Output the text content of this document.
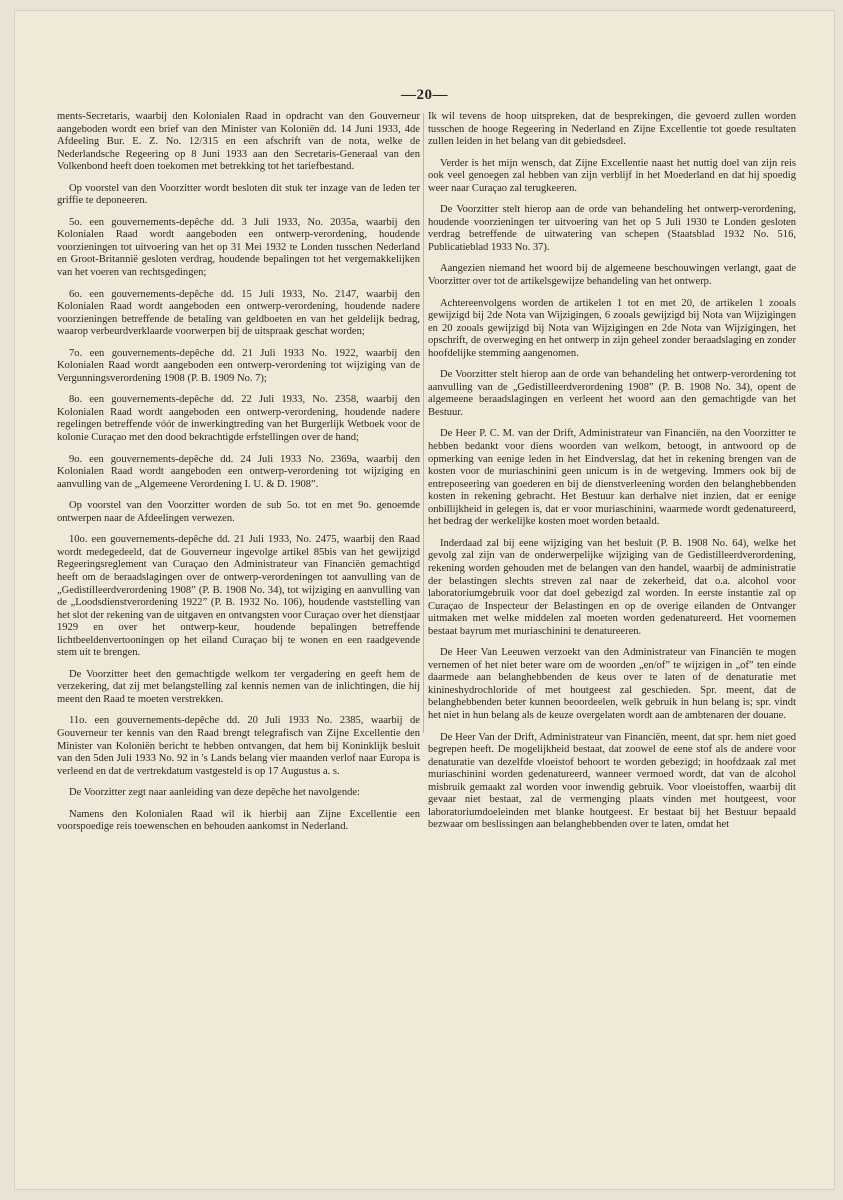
—20—

ments-Secretaris, waarbij den Kolonialen Raad in opdracht van den Gouverneur aangeboden wordt een brief van den Minister van Koloniën dd. 14 Juni 1933, 4de Afdeeling Bur. E. Z. No. 12/315 en een afschrift van de nota, welke de Nederlandsche Regeering op 8 Juni 1933 aan den Secretaris-Generaal van den Volkenbond heeft doen toekomen met betrekking tot het tariefbestand.

Op voorstel van den Voorzitter wordt besloten dit stuk ter inzage van de leden ter griffie te deponeeren.

5o. een gouvernements-depêche dd. 3 Juli 1933, No. 2035a, waarbij den Kolonialen Raad wordt aangeboden een ontwerp-verordening, houdende voorzieningen tot uitvoering van het op 31 Mei 1932 te Londen tusschen Nederland en Groot-Britannië gesloten verdrag, houdende bepalingen tot het vergemakkelijken van het voeren van rechtsgedingen;

6o. een gouvernements-depêche dd. 15 Juli 1933, No. 2147, waarbij den Kolonialen Raad wordt aangeboden een ontwerp-verordening, houdende nadere voorzieningen betreffende de betaling van geldboeten en van het geldelijk bedrag, waarop verbeurdverklaarde voorwerpen bij de uitspraak geschat worden;

7o. een gouvernements-depêche dd. 21 Juli 1933 No. 1922, waarbij den Kolonialen Raad wordt aangeboden een ontwerp-verordening tot wijziging van de Vergunningsverordening 1908 (P. B. 1909 No. 7);

8o. een gouvernements-depêche dd. 22 Juli 1933, No. 2358, waarbij den Kolonialen Raad wordt aangeboden een ontwerp-verordening, houdende nadere regelingen betreffende vóór de inwerkingtreding van het Burgerlijk Wetboek voor de kolonie Curaçao met den dood bekrachtigde erfstellingen over de hand;

9o. een gouvernements-depêche dd. 24 Juli 1933 No. 2369a, waarbij den Kolonialen Raad wordt aangeboden een ontwerp-verordening tot wijziging en aanvulling van de „Algemeene Verordening I. U. & D. 1908”.

Op voorstel van den Voorzitter worden de sub 5o. tot en met 9o. genoemde ontwerpen naar de Afdeelingen verwezen.

10o. een gouvernements-depêche dd. 21 Juli 1933, No. 2475, waarbij den Raad wordt medegedeeld, dat de Gouverneur ingevolge artikel 85bis van het gewijzigd Regeeringsreglement van Curaçao den Administrateur van Financiën gemachtigd heeft om de beraadslagingen over de ontwerp-verordeningen tot aanvulling van de „Gedistilleerdverordening 1908” (P. B. 1908 No. 34), tot wijziging en aanvulling van de „Loodsdienstverordening 1922” (P. B. 1932 No. 106), houdende vaststelling van het slot der rekening van de uitgaven en ontvangsten voor Curaçao over het dienstjaar 1929 en over het ontwerp-keur, houdende bepalingen betreffende lichtbeeldenvertooningen op het eiland Curaçao bij te wonen en een raadgevende stem uit te brengen.

De Voorzitter heet den gemachtigde welkom ter vergadering en geeft hem de verzekering, dat zij met belangstelling zal kennis nemen van de inlichtingen, die hij meent den Raad te moeten verstrekken.

11o. een gouvernements-depêche dd. 20 Juli 1933 No. 2385, waarbij de Gouverneur ter kennis van den Raad brengt telegrafisch van Zijne Excellentie den Minister van Koloniën bericht te hebben ontvangen, dat hem bij Koninklijk besluit van den 5den Juli 1933 No. 92 in 's Lands belang vier maanden verlof naar Europa is verleend en dat de vertrekdatum vastgesteld is op 17 Augustus a. s.

De Voorzitter zegt naar aanleiding van deze depêche het navolgende:

Namens den Kolonialen Raad wil ik hierbij aan Zijne Excellentie een voorspoedige reis toewenschen en behouden aankomst in Nederland.

Ik wil tevens de hoop uitspreken, dat de besprekingen, die gevoerd zullen worden tusschen de hooge Regeering in Nederland en Zijne Excellentie tot goede resultaten zullen leiden in het belang van dit gebiedsdeel.

Verder is het mijn wensch, dat Zijne Excellentie naast het nuttig doel van zijn reis ook veel genoegen zal hebben van zijn verblijf in het Moederland en dat hij spoedig weer naar Curaçao zal terugkeeren.

De Voorzitter stelt hierop aan de orde van behandeling het ontwerp-verordening, houdende voorzieningen ter uitvoering van het op 5 Juli 1930 te Londen gesloten verdrag betreffende de uitwatering van schepen (Staatsblad 1932 No. 516, Publicatieblad 1933 No. 37).

Aangezien niemand het woord bij de algemeene beschouwingen verlangt, gaat de Voorzitter over tot de artikelsgewijze behandeling van het ontwerp.

Achtereenvolgens worden de artikelen 1 tot en met 20, de artikelen 1 zooals gewijzigd bij 2de Nota van Wijzigingen, 6 zooals gewijzigd bij Nota van Wijzigingen en 20 zooals gewijzigd bij Nota van Wijzigingen en 2de Nota van Wijzigingen, het opschrift, de overweging en het ontwerp in zijn geheel zonder beraadslaging en zonder hoofdelijke stemming aangenomen.

De Voorzitter stelt hierop aan de orde van behandeling het ontwerp-verordening tot aanvulling van de „Gedistilleerdverordening 1908” (P. B. 1908 No. 34), opent de algemeene beraadslagingen en verleent het woord aan den gemachtigde van het Bestuur.

De Heer P. C. M. van der Drift, Administrateur van Financiën, na den Voorzitter te hebben bedankt voor diens woorden van welkom, betoogt, in antwoord op de opmerking van eenige leden in het Eindverslag, dat het in rekening brengen van de kosten voor de muriaschinini geen unicum is in de wetgeving. Immers ook bij de entreposeering van goederen en bij de dienstverleening worden den belanghebbenden kosten in rekening gebracht. Het Bestuur kan derhalve niet inzien, dat er eenige onbillijkheid in gelegen is, dat er voor muriaschinini, waarmede wordt gedenatureerd, het bedrag der werkelijke kosten moet worden betaald.

Inderdaad zal bij eene wijziging van het besluit (P. B. 1908 No. 64), welke het gevolg zal zijn van de onderwerpelijke wijziging van de Gedistilleerdverordening, rekening worden gehouden met de belangen van den handel, waarbij de administratie der belastingen slechts streven zal naar de zekerheid, dat o.a. alcohol voor laboratoriumgebruik voor dat doel gebezigd zal worden. In eerste instantie zal op Curaçao de Inspecteur der Belastingen en op de overige eilanden de Ontvanger uitmaken met welke middelen zal moeten worden gedenatureerd. Het voornemen bestaat bayrum met muriaschinini te denatureeren.

De Heer Van Leeuwen verzoekt van den Administrateur van Financiën te mogen vernemen of het niet beter ware om de woorden „en/of” te wijzigen in „of” ten einde daarmede aan belanghebbenden de keus over te laten of de denaturatie met kinineshydrochloride of met houtgeest zal geschieden. Spr. meent, dat de belanghebbenden beter kunnen beoordeelen, welk gebruik in hun belang is; spr. vindt het niet in hun belang als de keuze overgelaten wordt aan de ambtenaren der douane.

De Heer Van der Drift, Administrateur van Financiën, meent, dat spr. hem niet goed begrepen heeft. De mogelijkheid bestaat, dat zoowel de eene stof als de andere voor denaturatie van dezelfde vloeistof behoort te worden gebezigd; in hoofdzaak zal met muriaschinini worden gedenatureerd, wanneer vermoed wordt, dat van de alcohol misbruik gemaakt zal worden voor inwendig gebruik. Voor vloeistoffen, waarbij dit gevaar niet bestaat, zal de vermenging plaats vinden met houtgeest, voor laboratoriumdoeleinden met blanke houtgeest. Er bestaat bij het Bestuur bepaald bezwaar om beslissingen aan belanghebbenden over te laten, omdat het
